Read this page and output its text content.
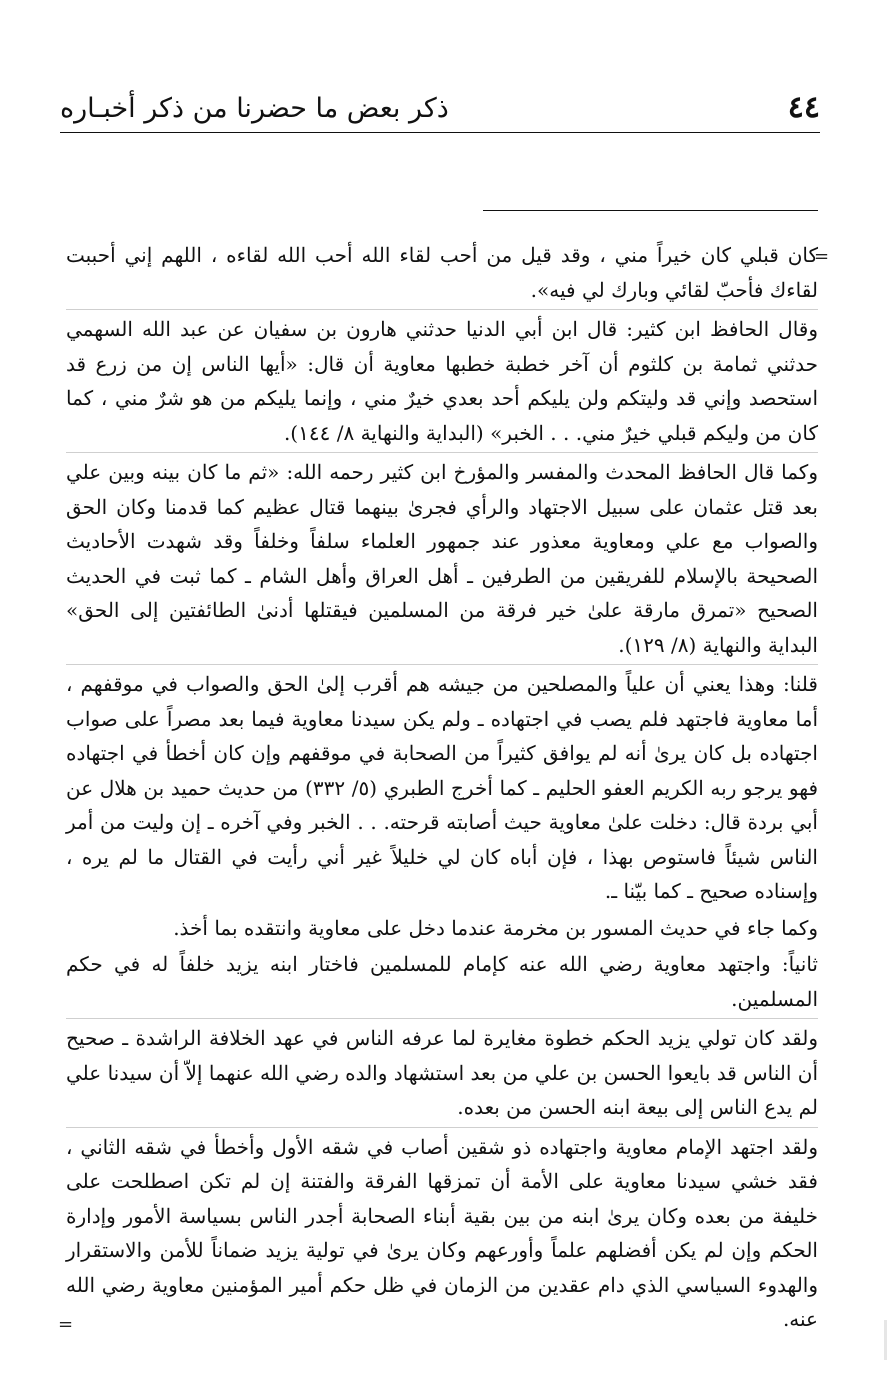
٤٤
ذكر بعض ما حضرنا من ذكر أخبـاره
=

كان قبلي كان خيراً مني ، وقد قيل من أحب لقاء الله أحب الله لقاءه ، اللهم إني أحببت لقاءك فأحبّ لقائي وبارك لي فيه».

وقال الحافظ ابن كثير: قال ابن أبي الدنيا حدثني هارون بن سفيان عن عبد الله السهمي حدثني ثمامة بن كلثوم أن آخر خطبة خطبها معاوية أن قال: «أيها الناس إن من زرع قد استحصد وإني قد وليتكم ولن يليكم أحد بعدي خيرٌ مني ، وإنما يليكم من هو شرٌ مني ، كما كان من وليكم قبلي خيرٌ مني. . . الخبر» (البداية والنهاية ٨/ ١٤٤).

وكما قال الحافظ المحدث والمفسر والمؤرخ ابن كثير رحمه الله: «ثم ما كان بينه وبين علي بعد قتل عثمان على سبيل الاجتهاد والرأي فجرىٰ بينهما قتال عظيم كما قدمنا وكان الحق والصواب مع علي ومعاوية معذور عند جمهور العلماء سلفاً وخلفاً وقد شهدت الأحاديث الصحيحة بالإسلام للفريقين من الطرفين ـ أهل العراق وأهل الشام ـ كما ثبت في الحديث الصحيح «تمرق مارقة علىٰ خير فرقة من المسلمين فيقتلها أدنىٰ الطائفتين إلى الحق» البداية والنهاية (٨/ ١٢٩).

قلنا: وهذا يعني أن علياً والمصلحين من جيشه هم أقرب إلىٰ الحق والصواب في موقفهم ، أما معاوية فاجتهد فلم يصب في اجتهاده ـ ولم يكن سيدنا معاوية فيما بعد مصراً على صواب اجتهاده بل كان يرىٰ أنه لم يوافق كثيراً من الصحابة في موقفهم وإن كان أخطأ في اجتهاده فهو يرجو ربه الكريم العفو الحليم ـ كما أخرج الطبري (٥/ ٣٣٢) من حديث حميد بن هلال عن أبي بردة قال: دخلت علىٰ معاوية حيث أصابته قرحته. . . الخبر وفي آخره ـ إن وليت من أمر الناس شيئاً فاستوص بهذا ، فإن أباه كان لي خليلاً غير أني رأيت في القتال ما لم يره ، وإسناده صحيح ـ كما بيّنا ـ.

وكما جاء في حديث المسور بن مخرمة عندما دخل على معاوية وانتقده بما أخذ.

ثانياً: واجتهد معاوية رضي الله عنه كإمام للمسلمين فاختار ابنه يزيد خلفاً له في حكم المسلمين.

ولقد كان تولي يزيد الحكم خطوة مغايرة لما عرفه الناس في عهد الخلافة الراشدة ـ صحيح أن الناس قد بايعوا الحسن بن علي من بعد استشهاد والده رضي الله عنهما إلاّ أن سيدنا علي لم يدع الناس إلى بيعة ابنه الحسن من بعده.

ولقد اجتهد الإمام معاوية واجتهاده ذو شقين أصاب في شقه الأول وأخطأ في شقه الثاني ، فقد خشي سيدنا معاوية على الأمة أن تمزقها الفرقة والفتنة إن لم تكن اصطلحت على خليفة من بعده وكان يرىٰ ابنه من بين بقية أبناء الصحابة أجدر الناس بسياسة الأمور وإدارة الحكم وإن لم يكن أفضلهم علماً وأورعهم وكان يرىٰ في تولية يزيد ضماناً للأمن والاستقرار والهدوء السياسي الذي دام عقدين من الزمان في ظل حكم أمير المؤمنين معاوية رضي الله عنه.

=
